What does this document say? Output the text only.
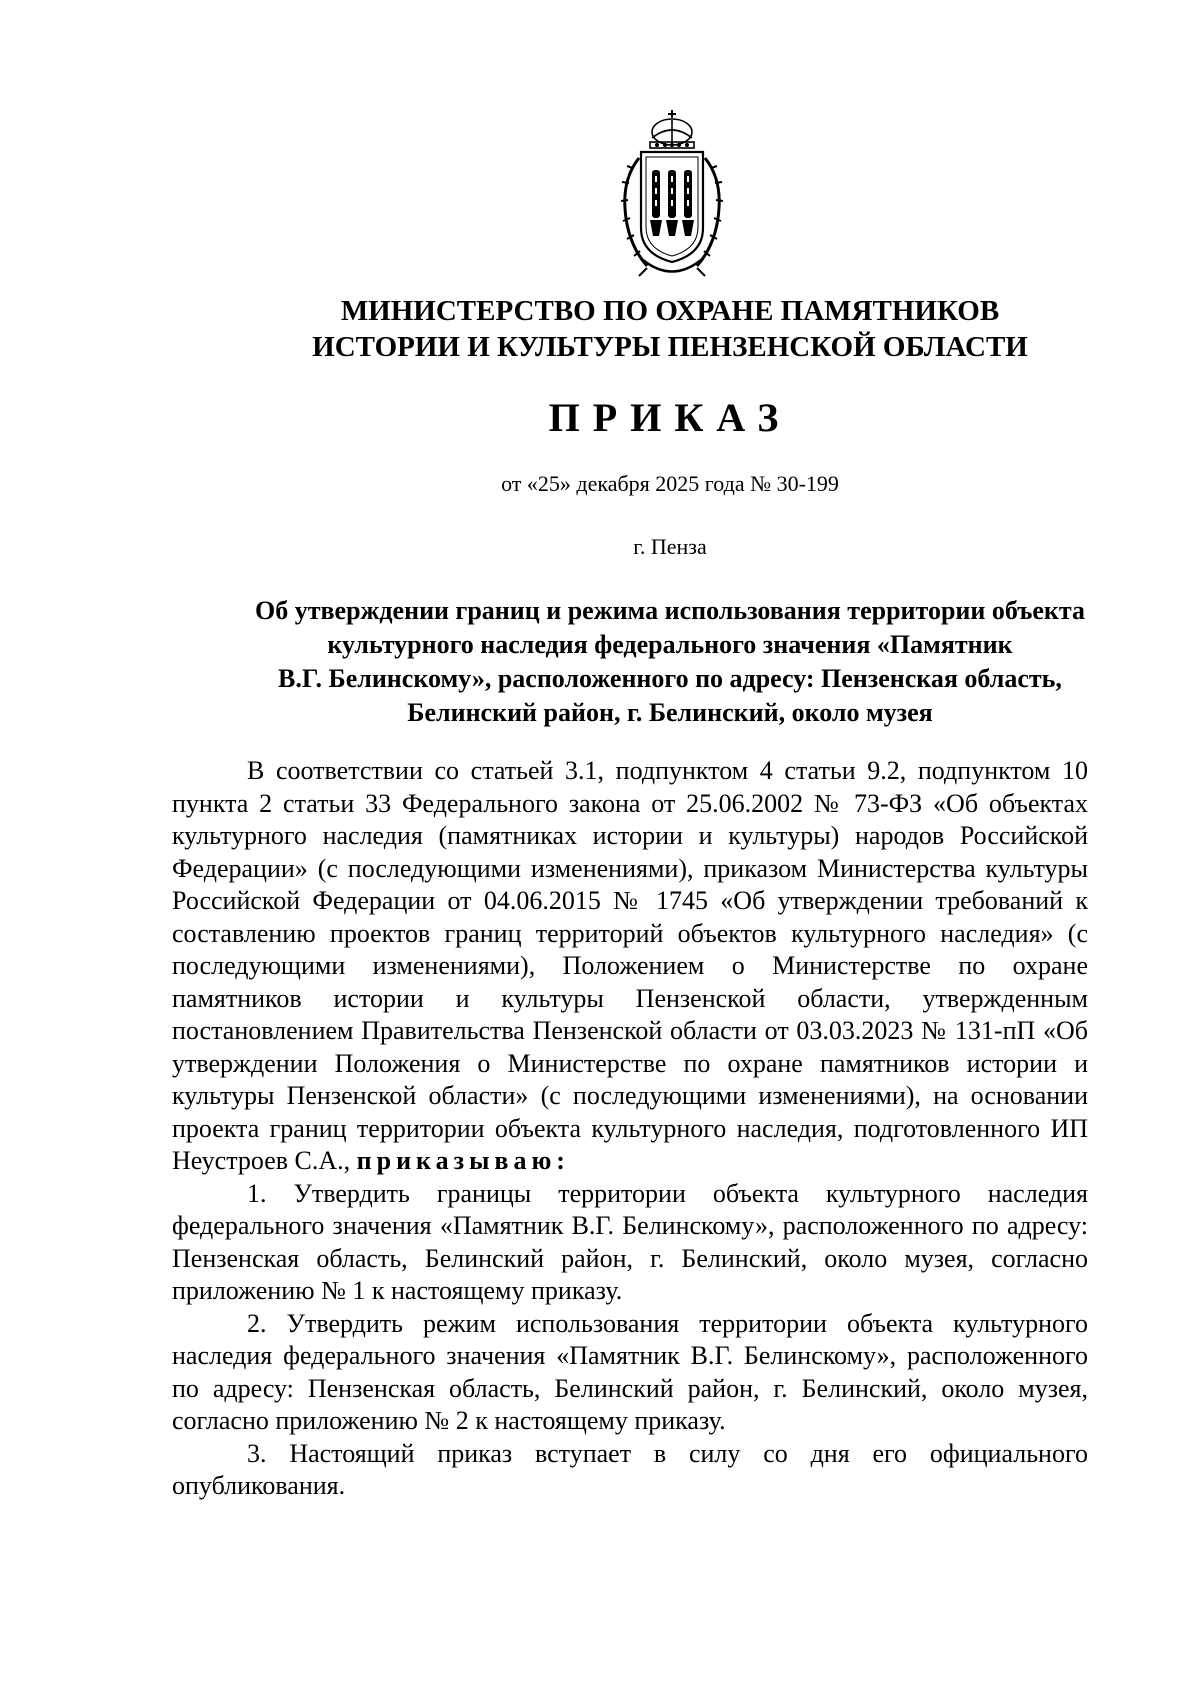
МИНИСТЕРСТВО ПО ОХРАНЕ ПАМЯТНИКОВ
ИСТОРИИ И КУЛЬТУРЫ ПЕНЗЕНСКОЙ ОБЛАСТИ
ПРИКАЗ
от «25» декабря 2025 года № 30-199
г. Пенза
Об утверждении границ и режима использования территории объекта
культурного наследия федерального значения «Памятник
В.Г. Белинскому», расположенного по адресу: Пензенская область,
Белинский район, г. Белинский, около музея

В соответствии со статьей 3.1, подпунктом 4 статьи 9.2, подпунктом 10 пункта 2 статьи 33 Федерального закона от 25.06.2002 № 73-ФЗ «Об объектах культурного наследия (памятниках истории и культуры) народов Российской Федерации» (с последующими изменениями), приказом Министерства культуры Российской Федерации от 04.06.2015 № 1745 «Об утверждении требований к составлению проектов границ территорий объектов культурного наследия» (с последующими изменениями), Положением о Министерстве по охране памятников истории и культуры Пензенской области, утвержденным постановлением Правительства Пензенской области от 03.03.2023 № 131-пП «Об утверждении Положения о Министерстве по охране памятников истории и культуры Пензенской области» (с последующими изменениями), на основании проекта границ территории объекта культурного наследия, подготовленного ИП Неустроев С.А., приказываю:

1. Утвердить границы территории объекта культурного наследия федерального значения «Памятник В.Г. Белинскому», расположенного по адресу: Пензенская область, Белинский район, г. Белинский, около музея, согласно приложению № 1 к настоящему приказу.

2. Утвердить режим использования территории объекта культурного наследия федерального значения «Памятник В.Г. Белинскому», расположенного по адресу: Пензенская область, Белинский район, г. Белинский, около музея, согласно приложению № 2 к настоящему приказу.

3. Настоящий приказ вступает в силу со дня его официального опубликования.
